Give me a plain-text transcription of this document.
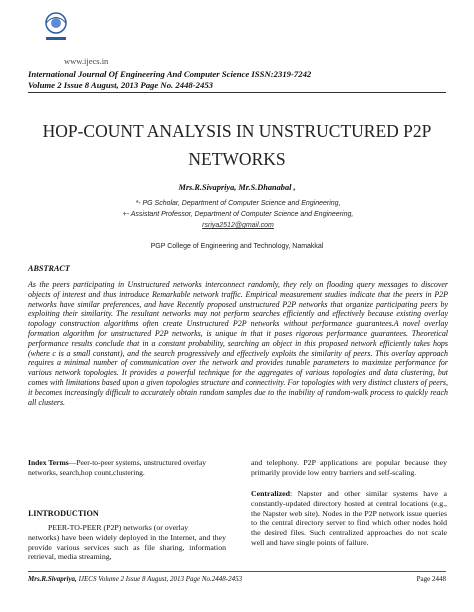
www.ijecs.in
International Journal Of Engineering And Computer Science ISSN:2319-7242
Volume 2 Issue 8 August, 2013 Page No. 2448-2453
HOP-COUNT ANALYSIS IN UNSTRUCTURED P2P
NETWORKS
Mrs.R.Sivapriya, Mr.S.Dhanabal ,
*- PG Scholar, Department of Computer Science and Engineering,
+- Assistant Professor, Department of Computer Science and Engineering,
rsriya2512@gmail.com
PGP College of Engineering and Technology, Namakkal
ABSTRACT
As the peers participating in Unstructured networks interconnect randomly, they rely on flooding query messages to discover objects of interest and thus introduce Remarkable network traffic. Empirical measurement studies indicate that the peers in P2P networks have similar preferences, and have Recently proposed unstructured P2P networks that organize participating peers by exploiting their similarity. The resultant networks may not perform searches efficiently and effectively because existing overlay topology construction algorithms often create Unstructured P2P networks without performance guarantees.A novel overlay formation algorithm for unstructured P2P networks, is unique in that it poses rigorous performance guarantees. Theoretical performance results conclude that in a constant probability, searching an object in this proposed network efficiently takes hops (where c is a small constant), and the search progressively and effectively exploits the similarity of peers. This overlay approach requires a minimal number of communication over the network and provides tunable parameters to maximize performance for various network topologies. It provides a powerful technique for the aggregates of various topologies and data clustering, but comes with limitations based upon a given topologies structure and connectivity. For topologies with very distinct clusters of peers, it becomes increasingly difficult to accurately obtain random samples due to the inability of random-walk process to quickly reach all clusters.
Index Terms—Peer-to-peer systems, unstructured overlay networks, search,hop count,clustering.
I.INTRODUCTION
PEER-TO-PEER (P2P) networks (or overlay
networks) have been widely deployed in the Internet, and they provide various services such as file sharing, information retrieval, media streaming,
and telephony. P2P applications are popular because they primarily provide low entry barriers and self-scaling.
Centralized: Napster and other similar systems have a constantly-updated directory hosted at central locations (e.g., the Napster web site). Nodes in the P2P network issue queries to the central directory server to find which other nodes hold the desired files. Such centralized approaches do not scale well and have single points of failure.
Mrs.R.Sivapriya, IJECS Volume 2 Issue 8 August, 2013 Page No.2448-2453	Page 2448
